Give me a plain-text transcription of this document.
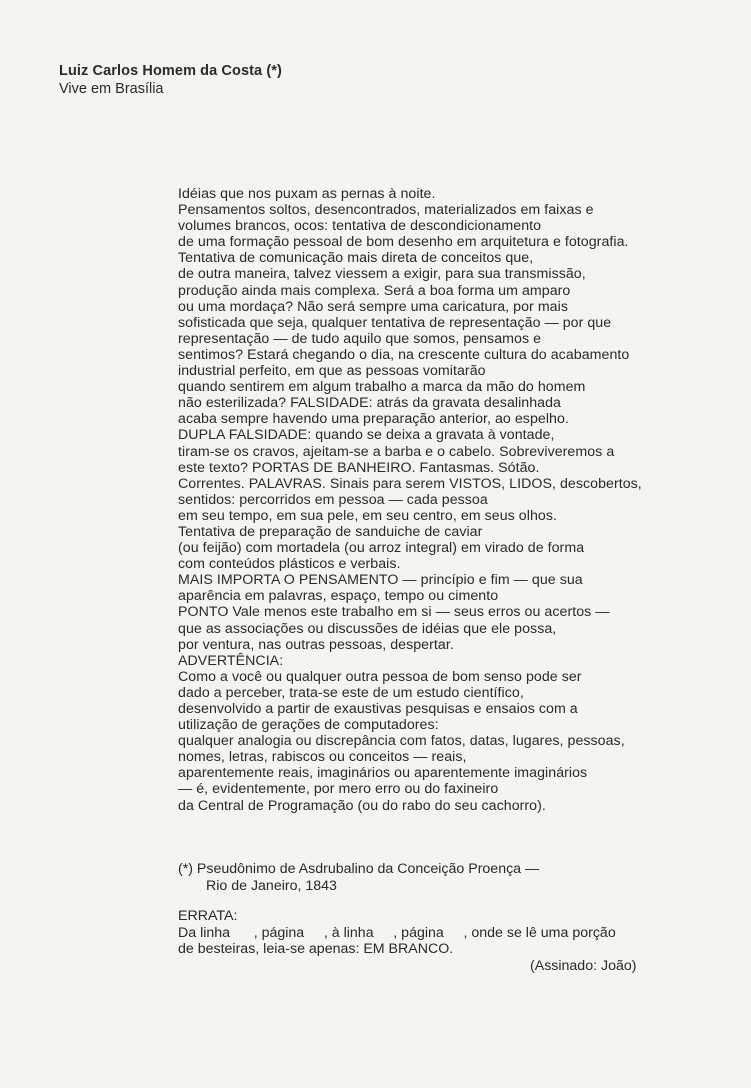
Luiz Carlos Homem da Costa (*)
Vive em Brasília
Idéias que nos puxam as pernas à noite.
Pensamentos soltos, desencontrados, materializados em faixas e
volumes brancos, ocos: tentativa de descondicionamento
de uma formação pessoal de bom desenho em arquitetura e fotografia.
Tentativa de comunicação mais direta de conceitos que,
de outra maneira, talvez viessem a exigir, para sua transmissão,
produção ainda mais complexa. Será a boa forma um amparo
ou uma mordaça? Não será sempre uma caricatura, por mais
sofisticada que seja, qualquer tentativa de representação — por que
representação — de tudo aquilo que somos, pensamos e
sentimos? Estará chegando o dia, na crescente cultura do acabamento
industrial perfeito, em que as pessoas vomitarão
quando sentirem em algum trabalho a marca da mão do homem
não esterilizada? FALSIDADE: atrás da gravata desalinhada
acaba sempre havendo uma preparação anterior, ao espelho.
DUPLA FALSIDADE: quando se deixa a gravata à vontade,
tiram-se os cravos, ajeitam-se a barba e o cabelo. Sobreviveremos a
este texto? PORTAS DE BANHEIRO. Fantasmas. Sótão.
Correntes. PALAVRAS. Sinais para serem VISTOS, LIDOS, descobertos,
sentidos: percorridos em pessoa — cada pessoa
em seu tempo, em sua pele, em seu centro, em seus olhos.
Tentativa de preparação de sanduiche de caviar
(ou feijão) com mortadela (ou arroz integral) em virado de forma
com conteúdos plásticos e verbais.
MAIS IMPORTA O PENSAMENTO — princípio e fim — que sua
aparência em palavras, espaço, tempo ou cimento
PONTO Vale menos este trabalho em si — seus erros ou acertos —
que as associações ou discussões de idéias que ele possa,
por ventura, nas outras pessoas, despertar.
ADVERTÊNCIA:
Como a você ou qualquer outra pessoa de bom senso pode ser
dado a perceber, trata-se este de um estudo científico,
desenvolvido a partir de exaustivas pesquisas e ensaios com a
utilização de gerações de computadores:
qualquer analogia ou discrepância com fatos, datas, lugares, pessoas,
nomes, letras, rabiscos ou conceitos — reais,
aparentemente reais, imaginários ou aparentemente imaginários
— é, evidentemente, por mero erro ou do faxineiro
da Central de Programação (ou do rabo do seu cachorro).
(*) Pseudônimo de Asdrubalino da Conceição Proença —
Rio de Janeiro, 1843
ERRATA:
Da linha      , página     , à linha     , página     , onde se lê uma porção
de besteiras, leia-se apenas: EM BRANCO.
(Assinado: João)
